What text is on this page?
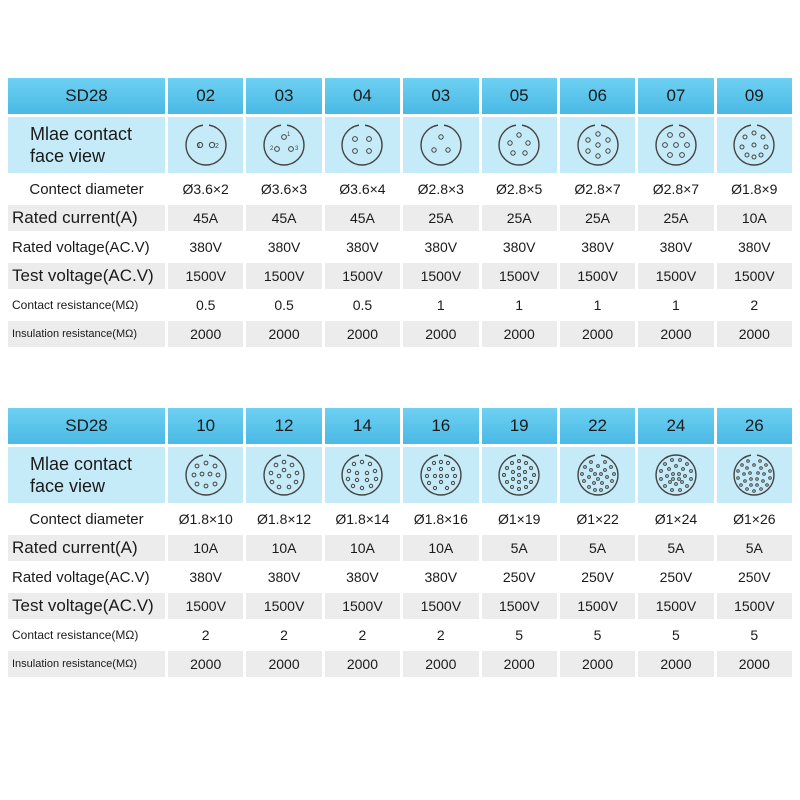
SD28	02	03	04	03	05	06	07	09
Mlae contact
face view	1 2
1
2	3
Contect diameter	Ø3.6×2	Ø3.6×3	Ø3.6×4	Ø2.8×3	Ø2.8×5	Ø2.8×7	Ø2.8×7	Ø1.8×9
Rated current(A)	45A	45A	45A	25A	25A	25A	25A	10A
Rated voltage(AC.V)	380V	380V	380V	380V	380V	380V	380V	380V
Test voltage(AC.V)	1500V	1500V	1500V	1500V	1500V	1500V	1500V	1500V
Contact resistance(MΩ)	0.5	0.5	0.5	1	1	1	1	2
Insulation resistance(MΩ)	2000	2000	2000	2000	2000	2000	2000	2000
SD28	10	12	14	16	19	22	24	26
Mlae contact
face view
Contect diameter	Ø1.8×10	Ø1.8×12	Ø1.8×14	Ø1.8×16	Ø1×19	Ø1×22	Ø1×24	Ø1×26
Rated current(A)	10A	10A	10A	10A	5A	5A	5A	5A
Rated voltage(AC.V)	380V	380V	380V	380V	250V	250V	250V	250V
Test voltage(AC.V)	1500V	1500V	1500V	1500V	1500V	1500V	1500V	1500V
Contact resistance(MΩ)	2	2	2	2	5	5	5	5
Insulation resistance(MΩ)	2000	2000	2000	2000	2000	2000	2000	2000
